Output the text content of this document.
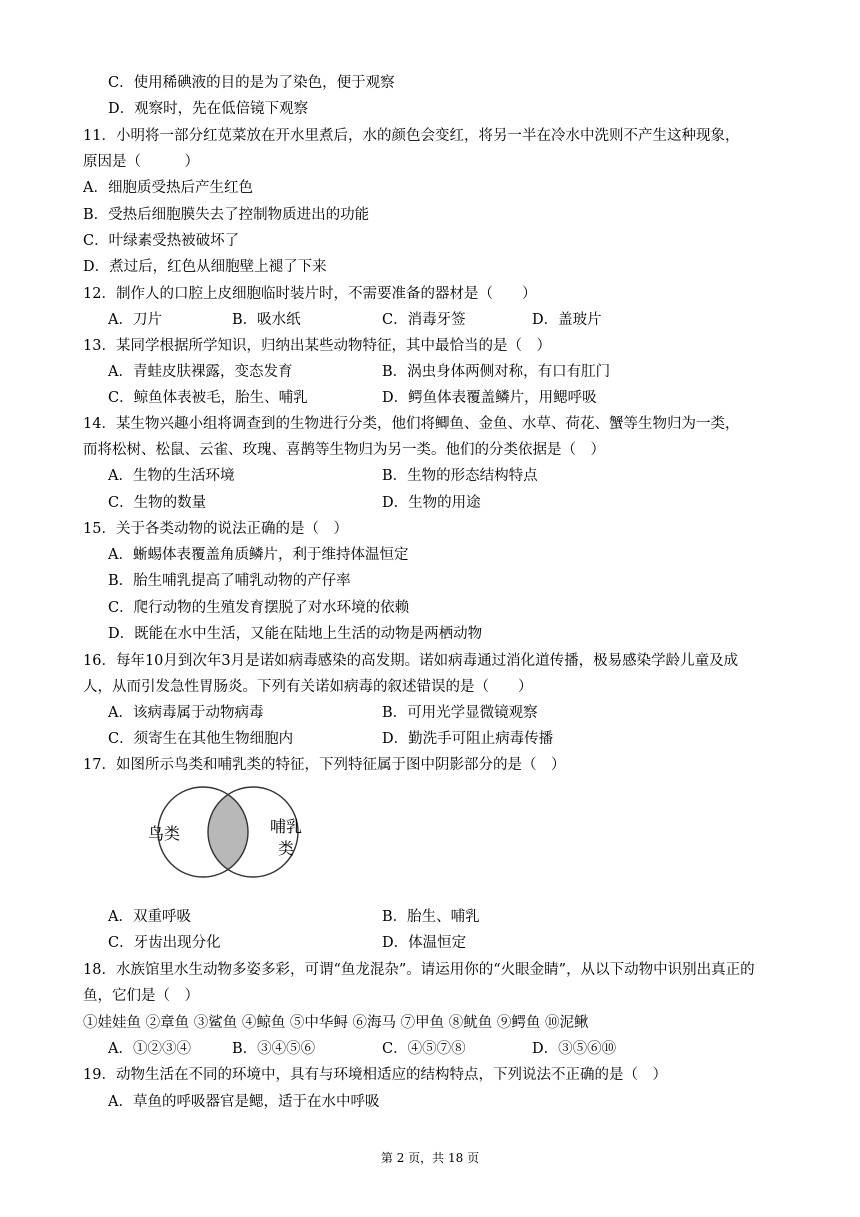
C．使用稀碘液的目的是为了染色，便于观察
D．观察时，先在低倍镜下观察
11．小明将一部分红苋菜放在开水里煮后，水的颜色会变红，将另一半在冷水中洗则不产生这种现象，
原因是（　　　）
A．细胞质受热后产生红色
B．受热后细胞膜失去了控制物质进出的功能
C．叶绿素受热被破坏了
D．煮过后，红色从细胞壁上褪了下来
12．制作人的口腔上皮细胞临时装片时，不需要准备的器材是（　　）
13．某同学根据所学知识，归纳出某些动物特征，其中最恰当的是（　）
14．某生物兴趣小组将调查到的生物进行分类，他们将鲫鱼、金鱼、水草、荷花、蟹等生物归为一类，
而将松树、松鼠、云雀、玫瑰、喜鹊等生物归为另一类。他们的分类依据是（　）
15．关于各类动物的说法正确的是（　）
A．蜥蜴体表覆盖角质鳞片，利于维持体温恒定
B．胎生哺乳提高了哺乳动物的产仔率
C．爬行动物的生殖发育摆脱了对水环境的依赖
D．既能在水中生活，又能在陆地上生活的动物是两栖动物
16．每年10月到次年3月是诺如病毒感染的高发期。诺如病毒通过消化道传播，极易感染学龄儿童及成
人，从而引发急性胃肠炎。下列有关诺如病毒的叙述错误的是（　　）
17．如图所示鸟类和哺乳类的特征，下列特征属于图中阴影部分的是（　）
18．水族馆里水生动物多姿多彩，可谓“鱼龙混杂”。请运用你的“火眼金睛”，从以下动物中识别出真正的
鱼，它们是（　）
①娃娃鱼 ②章鱼 ③鲨鱼 ④鲸鱼 ⑤中华鲟 ⑥海马 ⑦甲鱼 ⑧鱿鱼 ⑨鳄鱼 ⑩泥鳅
19．动物生活在不同的环境中，具有与环境相适应的结构特点，下列说法不正确的是（　）
A．草鱼的呼吸器官是鳃，适于在水中呼吸
A．刀片	B．吸水纸	C．消毒牙签	D．盖玻片
A．青蛙皮肤裸露，变态发育	B．涡虫身体两侧对称，有口有肛门
C．鲸鱼体表被毛，胎生、哺乳	D．鳄鱼体表覆盖鳞片，用鳃呼吸
A．生物的生活环境	B．生物的形态结构特点
C．生物的数量	D．生物的用途
A．该病毒属于动物病毒	B．可用光学显微镜观察
C．须寄生在其他生物细胞内	D．勤洗手可阻止病毒传播
A．双重呼吸	B．胎生、哺乳
C．牙齿出现分化	D．体温恒定
A．①②③④	B．③④⑤⑥	C．④⑤⑦⑧	D．③⑤⑥⑩
鸟类	哺乳
类
第 2 页，共 18 页
